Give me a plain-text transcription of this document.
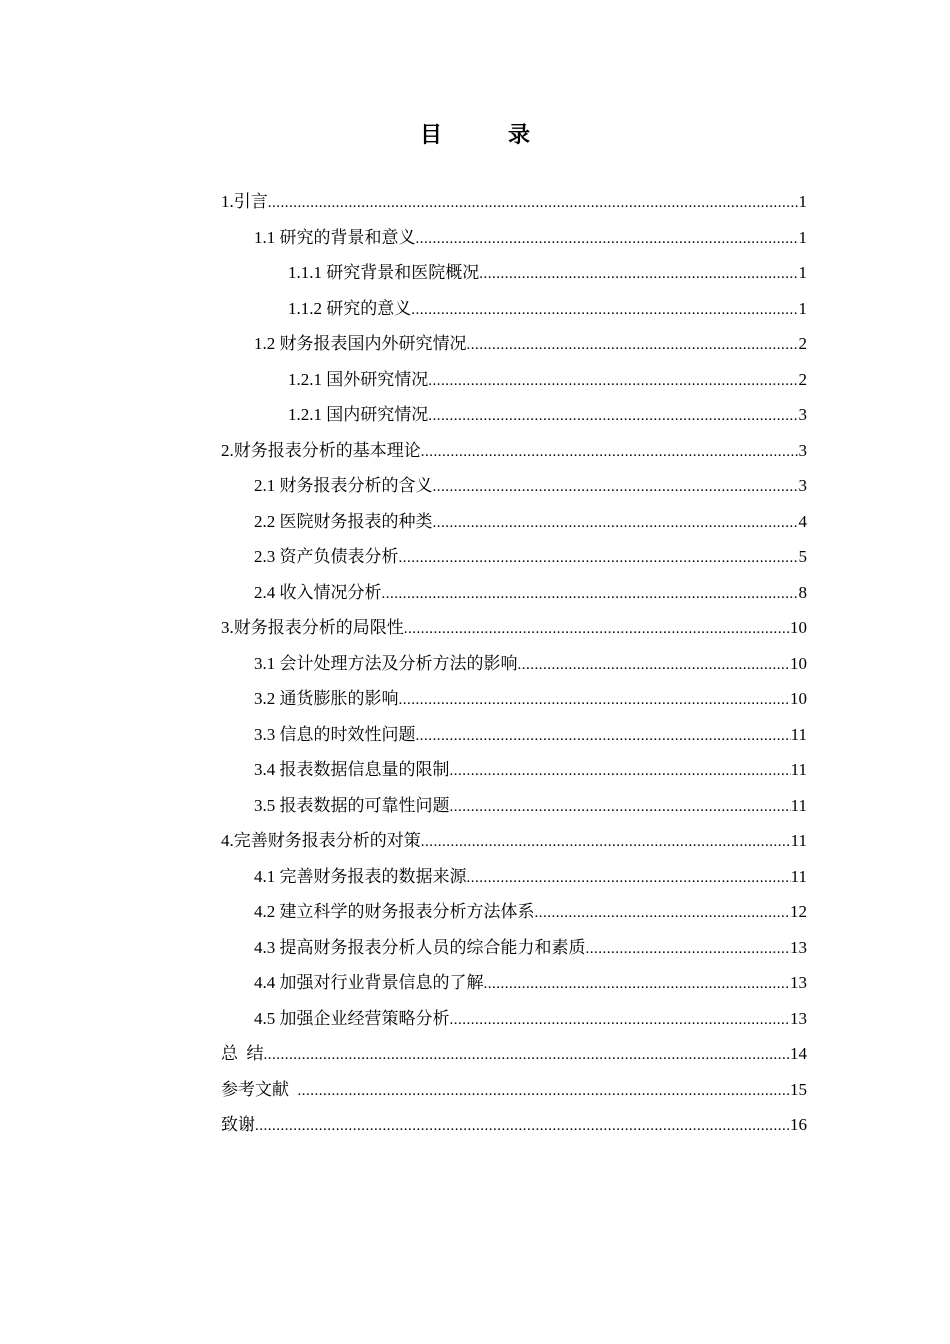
目　录
1.引言 .....	1
1.1 研究的背景和意义 .....	1
1.1.1 研究背景和医院概况 .....	1
1.1.2 研究的意义 .....	1
1.2 财务报表国内外研究情况 .....	2
1.2.1 国外研究情况 .....	2
1.2.1 国内研究情况 .....	3
2.财务报表分析的基本理论 .....	3
2.1 财务报表分析的含义 .....	3
2.2 医院财务报表的种类 .....	4
2.3 资产负债表分析 .....	5
2.4 收入情况分析 .....	8
3.财务报表分析的局限性 .....	10
3.1 会计处理方法及分析方法的影响 .....	10
3.2 通货膨胀的影响 .....	10
3.3 信息的时效性问题 .....	11
3.4 报表数据信息量的限制 .....	11
3.5 报表数据的可靠性问题 .....	11
4.完善财务报表分析的对策 .....	11
4.1 完善财务报表的数据来源 .....	11
4.2 建立科学的财务报表分析方法体系 .....	12
4.3 提高财务报表分析人员的综合能力和素质 .....	13
4.4 加强对行业背景信息的了解 .....	13
4.5 加强企业经营策略分析 .....	13
总  结 .....	14
参考文献 .....	15
致谢 .....	16
